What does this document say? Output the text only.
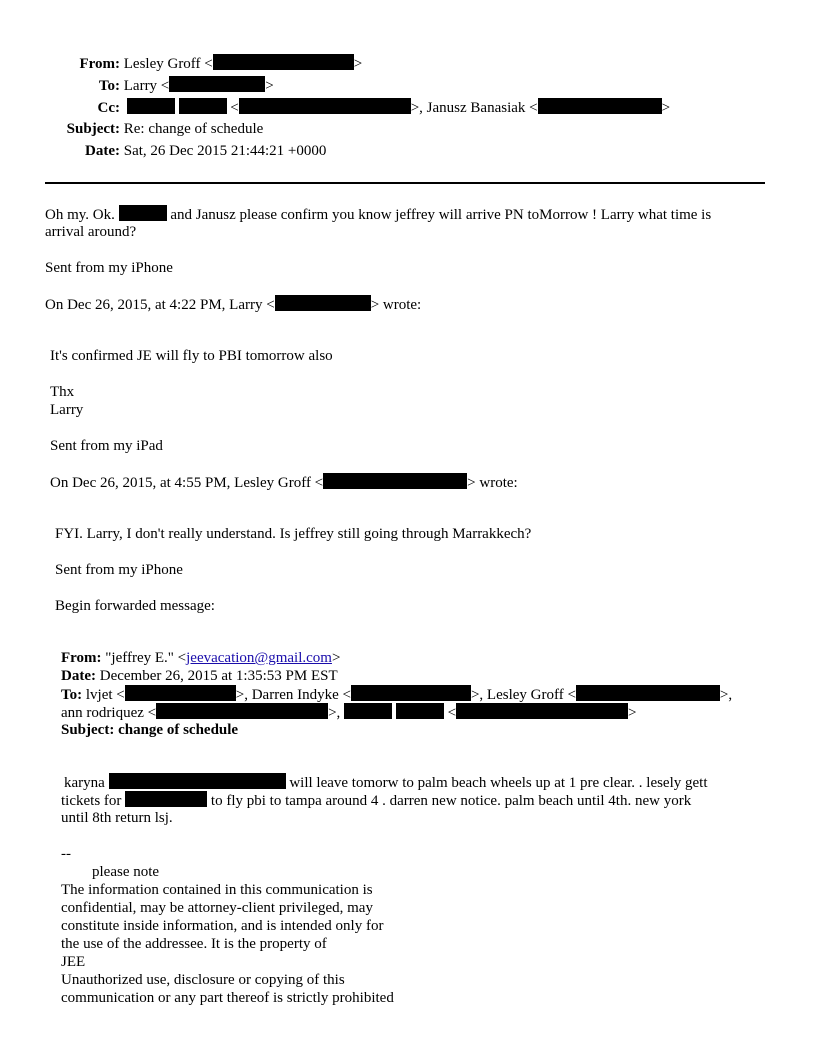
From: Lesley Groff <	>
To: Larry <	>
Cc:	<	>, Janusz Banasiak <	>
Subject: Re: change of schedule
Date: Sat, 26 Dec 2015 21:44:21 +0000
Oh my. Ok.	and Janusz please confirm you know jeffrey will arrive PN toMorrow ! Larry what time is
arrival around?
Sent from my iPhone
On Dec 26, 2015, at 4:22 PM, Larry <	> wrote:
It's confirmed JE will fly to PBI tomorrow also
Thx
Larry
Sent from my iPad
On Dec 26, 2015, at 4:55 PM, Lesley Groff <	> wrote:
FYI. Larry, I don't really understand. Is jeffrey still going through Marrakkech?
Sent from my iPhone
Begin forwarded message:
From: "jeffrey E." <jeevacation@gmail.com>
Date: December 26, 2015 at 1:35:53 PM EST
To: lvjet <	>, Darren Indyke <	>, Lesley Groff <	>,
ann rodriquez <	>,	<	>
Subject: change of schedule
karyna	will leave tomorw to palm beach wheels up at 1 pre clear. . lesely gett
tickets for	to fly pbi to tampa around 4 . darren new notice. palm beach until 4th. new york
until 8th return lsj.
--
please note
The information contained in this communication is
confidential, may be attorney-client privileged, may
constitute inside information, and is intended only for
the use of the addressee. It is the property of
JEE
Unauthorized use, disclosure or copying of this
communication or any part thereof is strictly prohibited
